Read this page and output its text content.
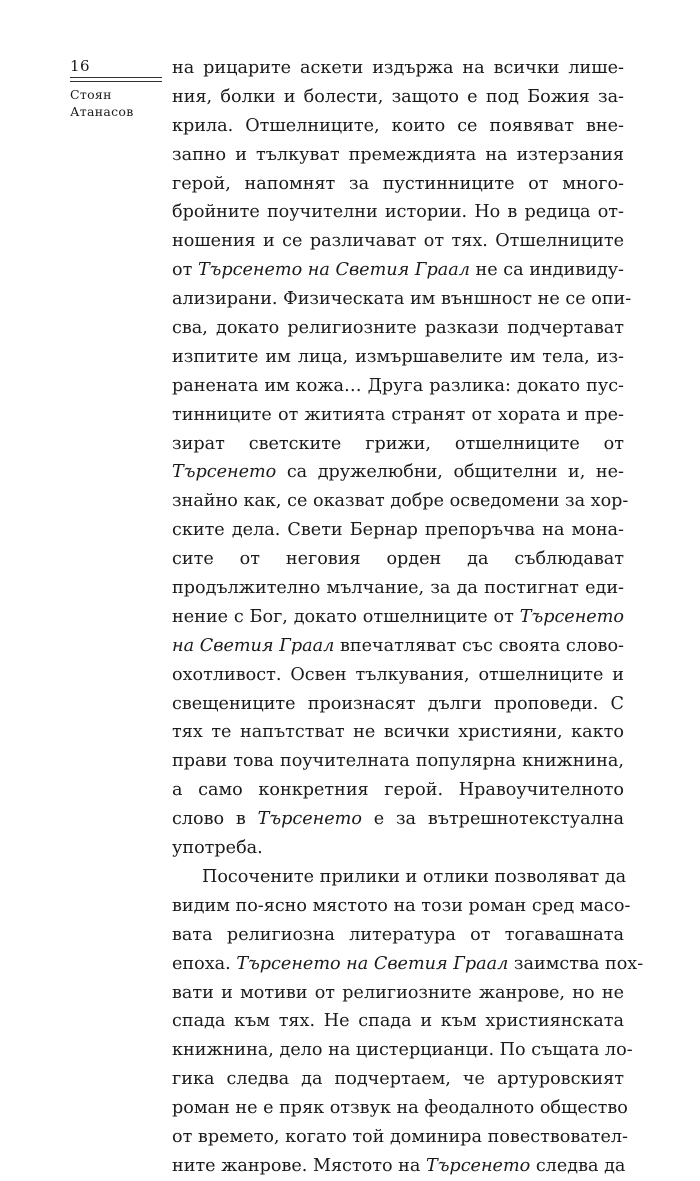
16
Стоян
Атанасов
на рицарите аскети издържа на всички лише-
ния, болки и болести, защото е под Божия за-
крила. Отшелниците, които се появяват вне-
запно и тълкуват премеждията на изтерзания
герой, напомнят за пустинниците от много-
бройните поучителни истории. Но в редица от-
ношения и се различават от тях. Отшелниците
от Търсенето на Светия Граал не са индивиду-
ализирани. Физическата им външност не се опи-
сва, докато религиозните разкази подчертават
изпитите им лица, измършавелите им тела, из-
ранената им кожа… Друга разлика: докато пус-
тинниците от житията странят от хората и пре-
зират светските грижи, отшелниците от
Търсенето са дружелюбни, общителни и, не-
знайно как, се оказват добре осведомени за хор-
ските дела. Свети Бернар препоръчва на мона-
сите от неговия орден да съблюдават
продължително мълчание, за да постигнат еди-
нение с Бог, докато отшелниците от Търсенето
на Светия Граал впечатляват със своята слово-
охотливост. Освен тълкувания, отшелниците и
свещениците произнасят дълги проповеди. С
тях те напътстват не всички християни, както
прави това поучителната популярна книжнина,
а само конкретния герой. Нравоучителното
слово в Търсенето е за вътрешнотекстуална
употреба.
Посочените прилики и отлики позволяват да
видим по-ясно мястото на този роман сред масо-
вата религиозна литература от тогавашната
епоха. Търсенето на Светия Граал заимства пох-
вати и мотиви от религиозните жанрове, но не
спада към тях. Не спада и към християнската
книжнина, дело на цистерцианци. По същата ло-
гика следва да подчертаем, че артуровският
роман не е пряк отзвук на феодалното общество
от времето, когато той доминира повествовател-
ните жанрове. Мястото на Търсенето следва да
